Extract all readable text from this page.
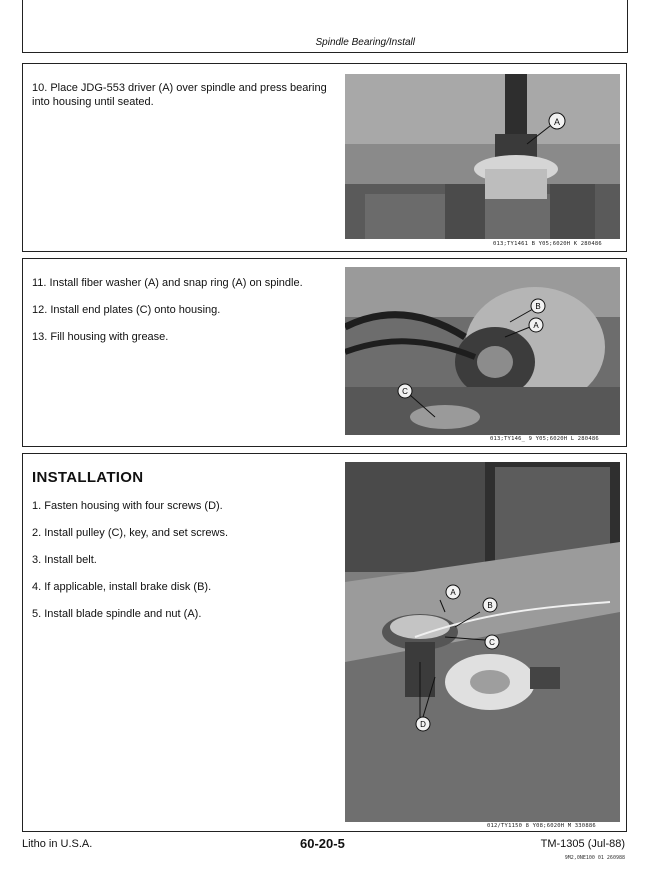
Spindle Bearing/Install
10. Place JDG-553 driver (A) over spindle and press bearing into housing until seated.
A
013;TY1461 B Y05;6020H K 280486
11. Install fiber washer (A) and snap ring (A) on spindle.
12. Install end plates (C) onto housing.
13. Fill housing with grease.
B
A
C
013;TY146_ 9 Y05;6020H L 280486
INSTALLATION
1. Fasten housing with four screws (D).
2. Install pulley (C), key, and set screws.
3. Install belt.
4. If applicable, install brake disk (B).
5. Install blade spindle and nut (A).
A
B
C
D
012/TY1150 8 Y08;6020H M 330886
Litho in U.S.A.	60-20-5	TM-1305 (Jul-88)
9M2,0NE100 01 260988
